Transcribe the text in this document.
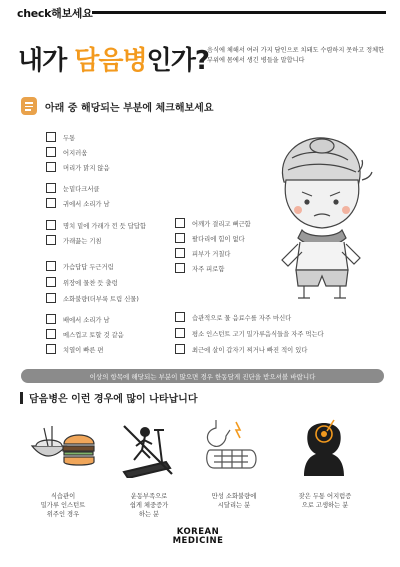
check해보세요
내가 담음병인가?
음식에 체해서 여러 가지 담인으로 치돼도 수렴하지 못하고 정체한 부위에 몸에서 생긴 병들을 말합니다
아래 중 해당되는 부분에 체크해보세요
두통
어지러움
머리가 맑지 않음
눈밑다크서클
귀에서 소리가 남
명치 밑에 가래가 낀 듯 답답함
가래끓는 기침
가슴답답 두근거림
위장에 물찬 듯 출렁
소화불량(더부룩 트림 신물)
배에서 소리가 남
메스껍고 토할 것 같음
치열이 빠른 편
어깨가 결리고 뻐근함
팔다리에 힘이 없다
피부가 거칠다
자주 피로함
습관적으로 물 음료수를 자주 마신다
평소 인스턴트 고기 밀가루음식들을 자주 먹는다
최근에 살이 갑자기 찌거나 빠진 적이 있다
이상의 항목에 해당되는 부분이 많으면 경우 한동담게 진단을 받으셔볼 바랍니다
담음병은 이런 경우에 많이 나타납니다
식습관이
밀가루 인스턴트
위주인 경우
운동부족으로
쉽게 체중증가
하는 분
만성 소화불량에
시달리는 분
잦은 두통 어지럼증
으로 고생하는 분
KOREAN
MEDICINE
